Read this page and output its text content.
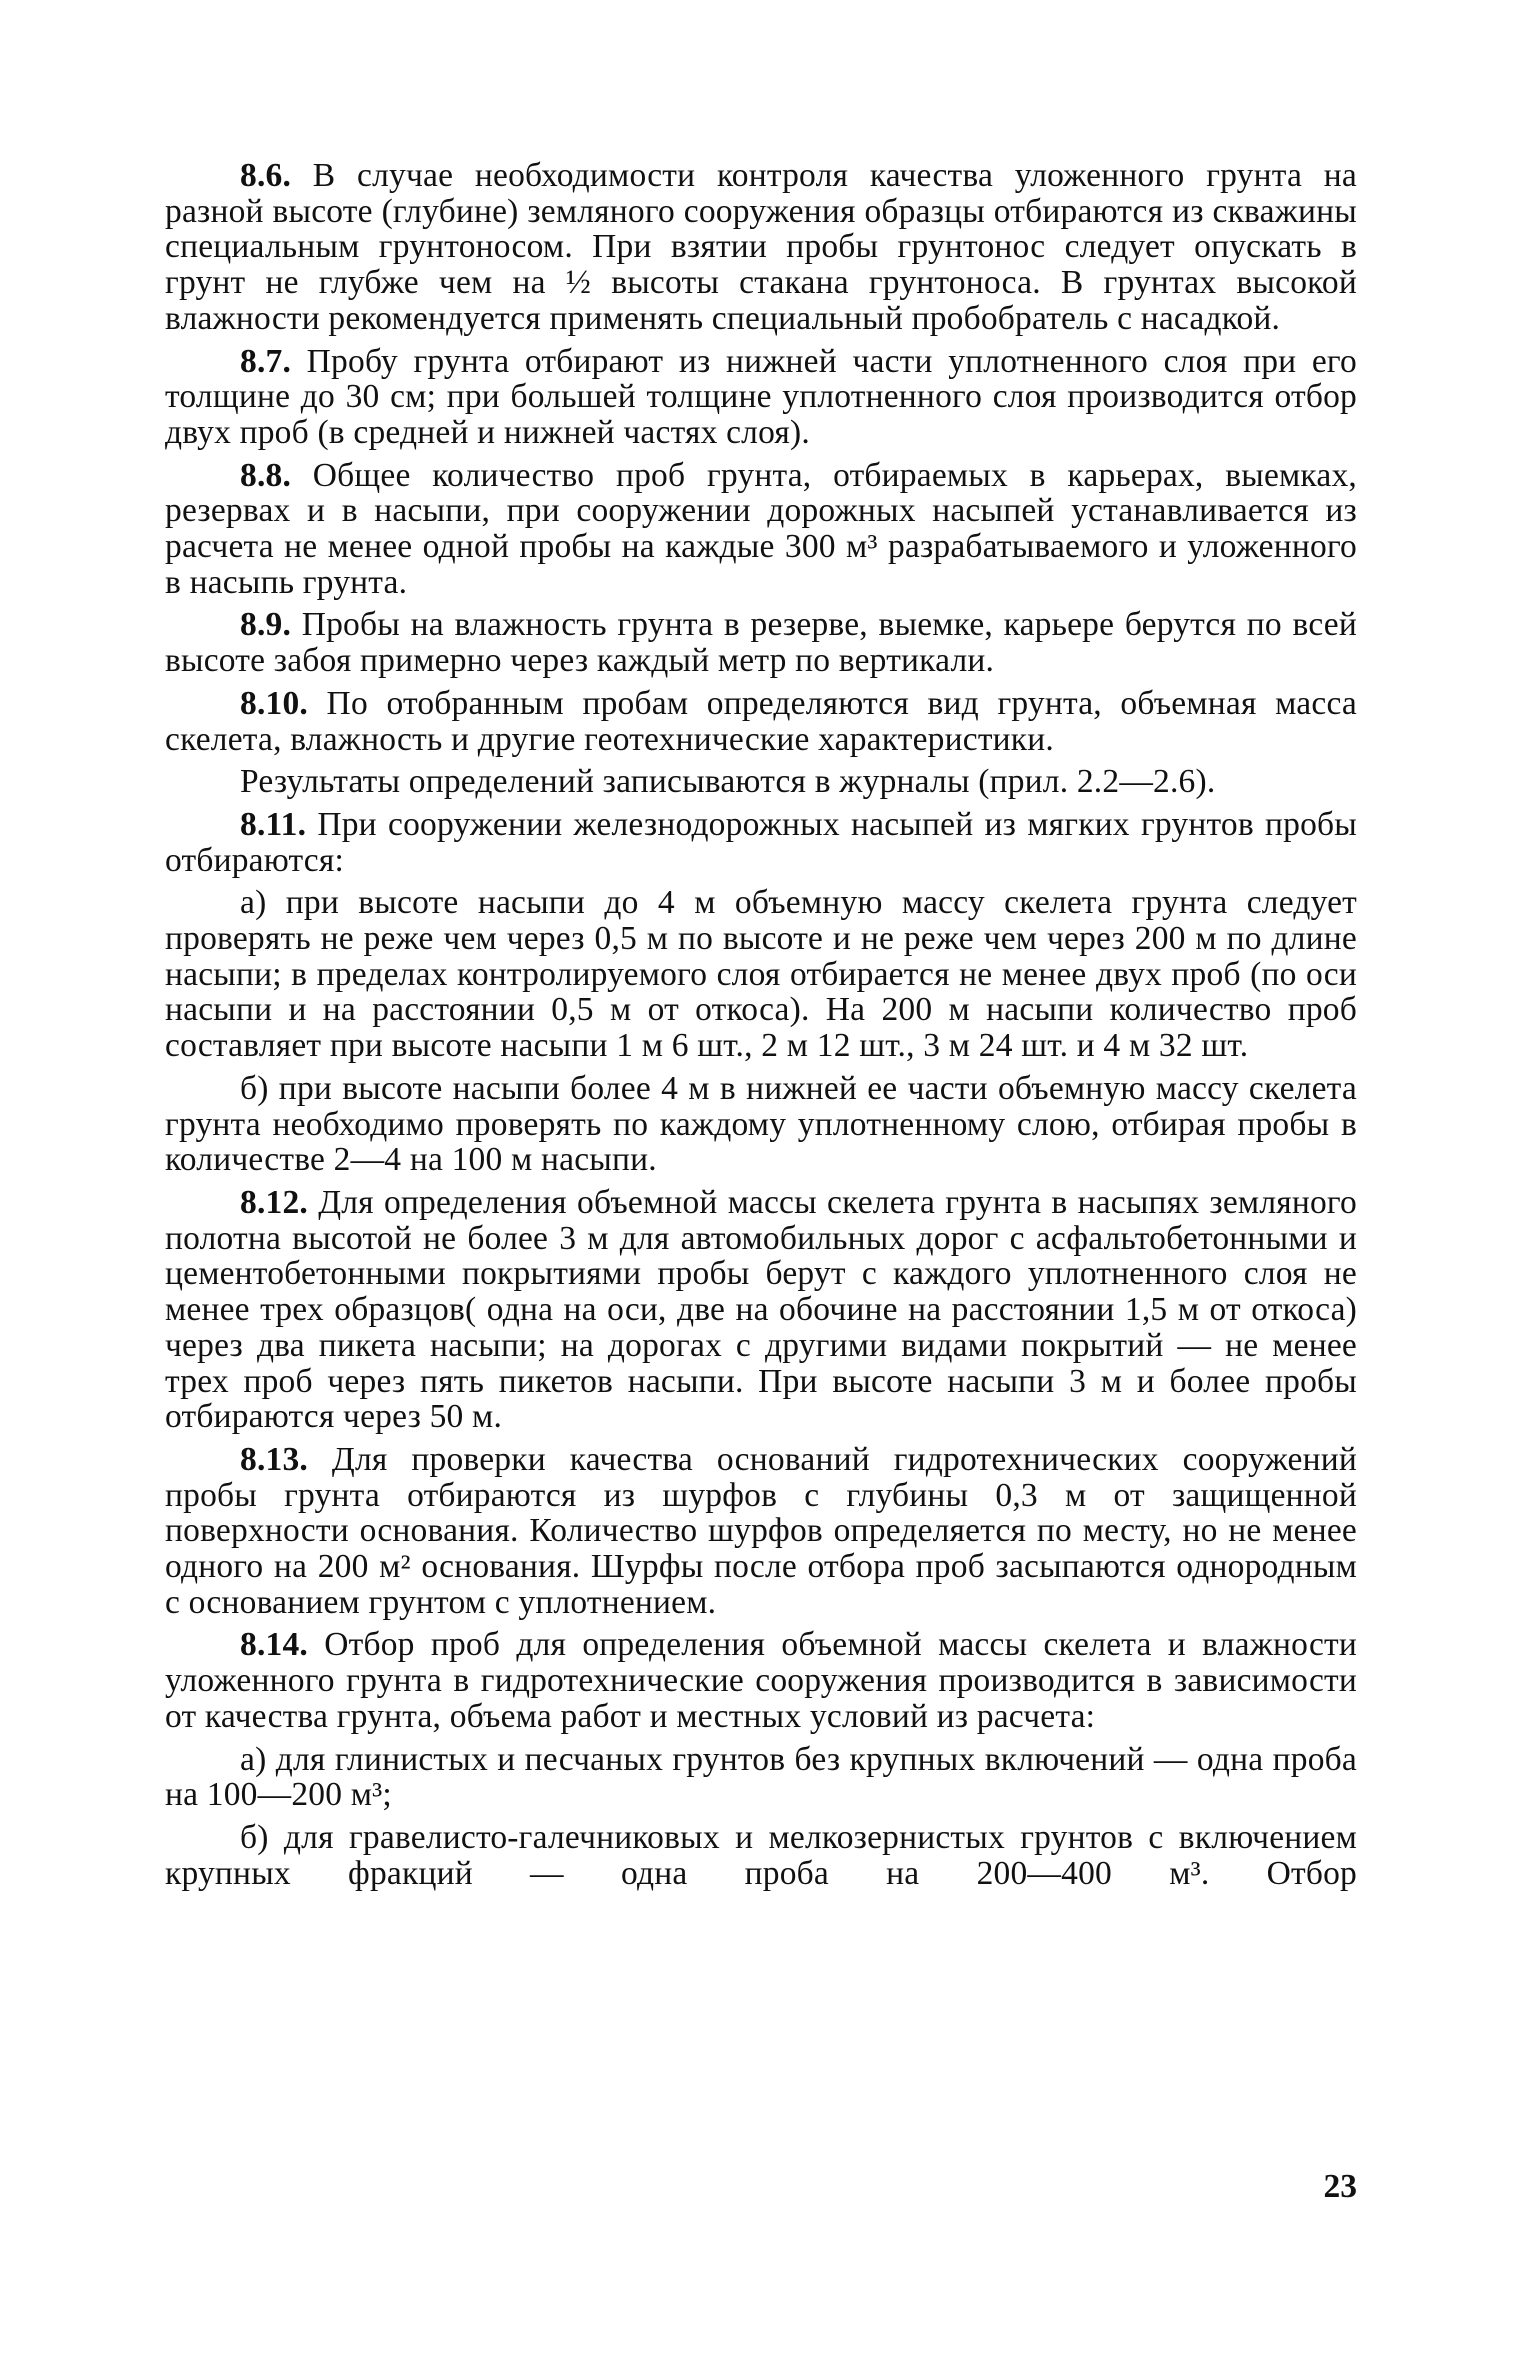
8.6. В случае необходимости контроля качества уложенного грунта на разной высоте (глубине) земляного сооружения образцы отбираются из скважины специальным грунтоносом. При взятии пробы грунтонос следует опускать в грунт не глубже чем на ½ высоты стакана грунтоноса. В грунтах высокой влажности рекомендуется применять специальный пробобратель с насадкой.

8.7. Пробу грунта отбирают из нижней части уплотненного слоя при его толщине до 30 см; при большей толщине уплотненного слоя производится отбор двух проб (в средней и нижней частях слоя).

8.8. Общее количество проб грунта, отбираемых в карьерах, выемках, резервах и в насыпи, при сооружении дорожных насыпей устанавливается из расчета не менее одной пробы на каждые 300 м³ разрабатываемого и уложенного в насыпь грунта.

8.9. Пробы на влажность грунта в резерве, выемке, карьере берутся по всей высоте забоя примерно через каждый метр по вертикали.

8.10. По отобранным пробам определяются вид грунта, объемная масса скелета, влажность и другие геотехнические характеристики.

Результаты определений записываются в журналы (прил. 2.2—2.6).

8.11. При сооружении железнодорожных насыпей из мягких грунтов пробы отбираются:

а) при высоте насыпи до 4 м объемную массу скелета грунта следует проверять не реже чем через 0,5 м по высоте и не реже чем через 200 м по длине насыпи; в пределах контролируемого слоя отбирается не менее двух проб (по оси насыпи и на расстоянии 0,5 м от откоса). На 200 м насыпи количество проб составляет при высоте насыпи 1 м 6 шт., 2 м 12 шт., 3 м 24 шт. и 4 м 32 шт.

б) при высоте насыпи более 4 м в нижней ее части объемную массу скелета грунта необходимо проверять по каждому уплотненному слою, отбирая пробы в количестве 2—4 на 100 м насыпи.

8.12. Для определения объемной массы скелета грунта в насыпях земляного полотна высотой не более 3 м для автомобильных дорог с асфальтобетонными и цементобетонными покрытиями пробы берут с каждого уплотненного слоя не менее трех образцов( одна на оси, две на обочине на расстоянии 1,5 м от откоса) через два пикета насыпи; на дорогах с другими видами покрытий — не менее трех проб через пять пикетов насыпи. При высоте насыпи 3 м и более пробы отбираются через 50 м.

8.13. Для проверки качества оснований гидротехнических сооружений пробы грунта отбираются из шурфов с глубины 0,3 м от защищенной поверхности основания. Количество шурфов определяется по месту, но не менее одного на 200 м² основания. Шурфы после отбора проб засыпаются однородным с основанием грунтом с уплотнением.

8.14. Отбор проб для определения объемной массы скелета и влажности уложенного грунта в гидротехнические сооружения производится в зависимости от качества грунта, объема работ и местных условий из расчета:

а) для глинистых и песчаных грунтов без крупных включений — одна проба на 100—200 м³;

б) для гравелисто-галечниковых и мелкозернистых грунтов с включением крупных фракций — одна проба на 200—400 м³. Отбор

23
